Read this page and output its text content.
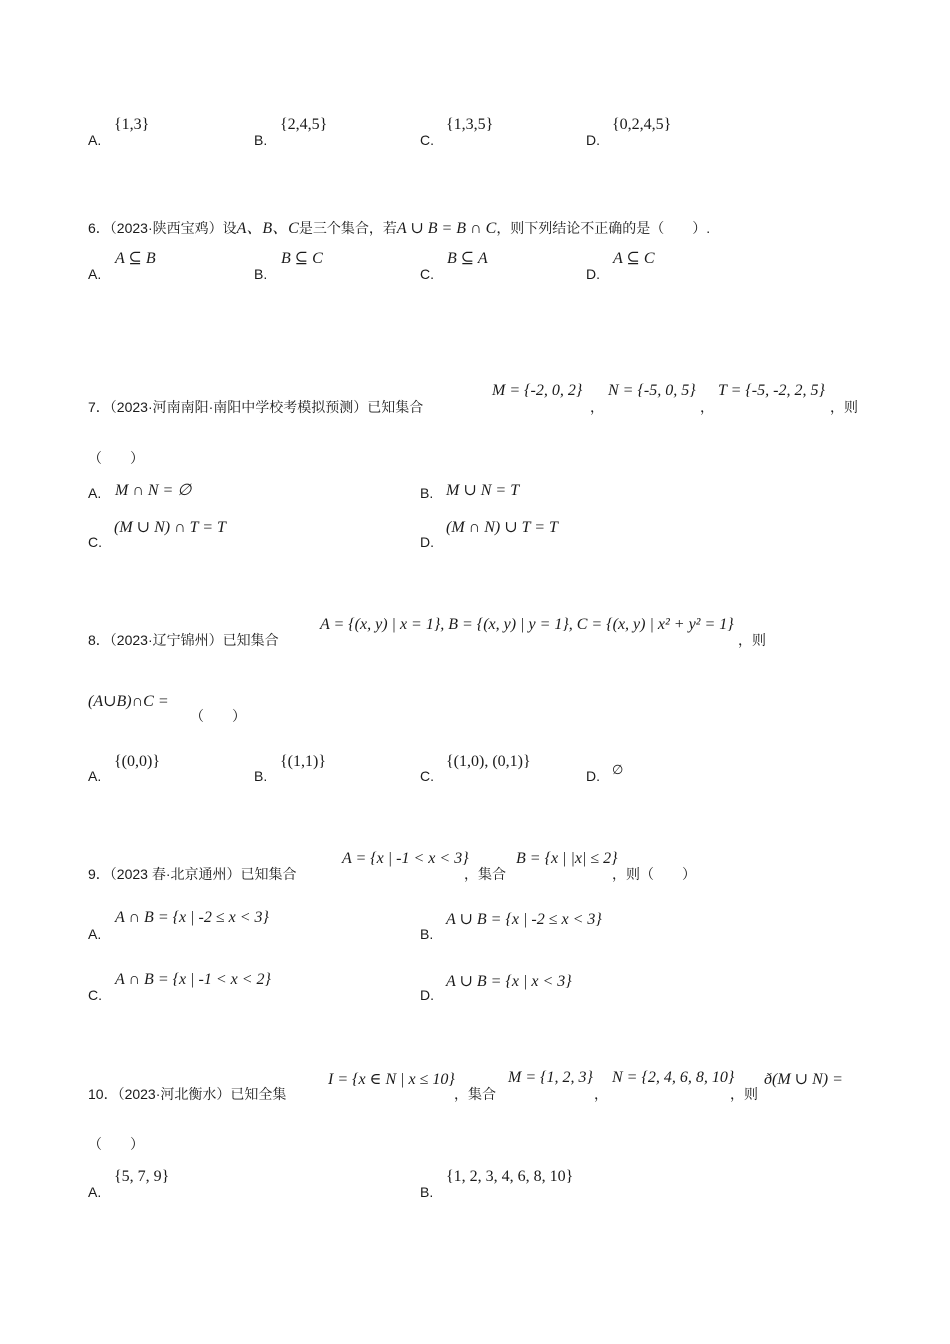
A.
{1,3}
B.
{2,4,5}
C.
{1,3,5}
D.
{0,2,4,5}
6．（2023·陕西宝鸡）设A、B、C是三个集合，若A ∪ B = B ∩ C，则下列结论不正确的是（　　）.
A.
A ⊆ B
B.
B ⊆ C
C.
B ⊆ A
D.
A ⊆ C
7．（2023·河南南阳·南阳中学校考模拟预测）已知集合
M = {-2, 0, 2}
，
N = {-5, 0, 5}
，
T = {-5, -2, 2, 5}
，则
（　　）
A. M ∩ N = ∅	B. M ∪ N = T
C.
(M ∪ N) ∩ T = T
D.
(M ∩ N) ∪ T = T
8．（2023·辽宁锦州）已知集合
A = {(x, y) | x = 1}, B = {(x, y) | y = 1}, C = {(x, y) | x² + y² = 1}
，则
(A∪B)∩C =
（　　）
A.
{(0,0)}
B.
{(1,1)}
C.
{(1,0), (0,1)}
D. ∅
9．（2023 春·北京通州）已知集合
A = {x | -1 < x < 3}
，集合
B = {x | |x| ≤ 2}
，则（　　）
A.
A ∩ B = {x | -2 ≤ x < 3}
B.
A ∪ B = {x | -2 ≤ x < 3}
C.
A ∩ B = {x | -1 < x < 2}
D.
A ∪ B = {x | x < 3}
10．（2023·河北衡水）已知全集
I = {x ∈ N | x ≤ 10}
，集合
M = {1, 2, 3}
，
N = {2, 4, 6, 8, 10}
，则
ð(M ∪ N) =
（　　）
A.
{5, 7, 9}
B.
{1, 2, 3, 4, 6, 8, 10}
